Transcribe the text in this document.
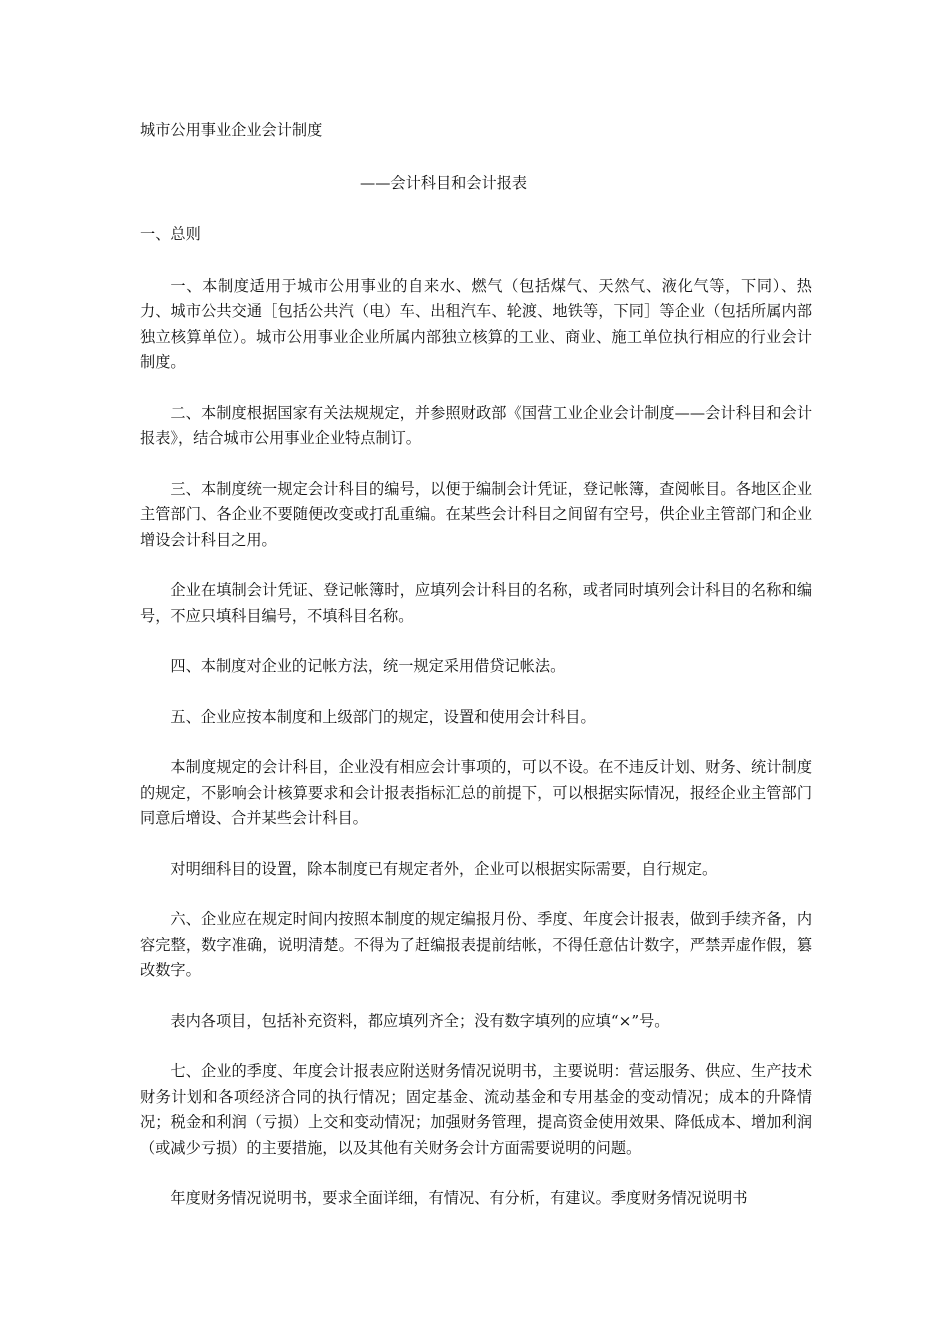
城市公用事业企业会计制度

——会计科目和会计报表

一、总则

一、本制度适用于城市公用事业的自来水、燃气（包括煤气、天然气、液化气等，下同）、热力、城市公共交通［包括公共汽（电）车、出租汽车、轮渡、地铁等，下同］等企业（包括所属内部独立核算单位）。城市公用事业企业所属内部独立核算的工业、商业、施工单位执行相应的行业会计制度。

二、本制度根据国家有关法规规定，并参照财政部《国营工业企业会计制度——会计科目和会计报表》，结合城市公用事业企业特点制订。

三、本制度统一规定会计科目的编号，以便于编制会计凭证，登记帐簿，查阅帐目。各地区企业主管部门、各企业不要随便改变或打乱重编。在某些会计科目之间留有空号，供企业主管部门和企业增设会计科目之用。

企业在填制会计凭证、登记帐簿时，应填列会计科目的名称，或者同时填列会计科目的名称和编号，不应只填科目编号，不填科目名称。

四、本制度对企业的记帐方法，统一规定采用借贷记帐法。

五、企业应按本制度和上级部门的规定，设置和使用会计科目。

本制度规定的会计科目，企业没有相应会计事项的，可以不设。在不违反计划、财务、统计制度的规定，不影响会计核算要求和会计报表指标汇总的前提下，可以根据实际情况，报经企业主管部门同意后增设、合并某些会计科目。

对明细科目的设置，除本制度已有规定者外，企业可以根据实际需要，自行规定。

六、企业应在规定时间内按照本制度的规定编报月份、季度、年度会计报表，做到手续齐备，内容完整，数字准确，说明清楚。不得为了赶编报表提前结帐，不得任意估计数字，严禁弄虚作假，篡改数字。

表内各项目，包括补充资料，都应填列齐全；没有数字填列的应填“×”号。

七、企业的季度、年度会计报表应附送财务情况说明书，主要说明：营运服务、供应、生产技术财务计划和各项经济合同的执行情况；固定基金、流动基金和专用基金的变动情况；成本的升降情况；税金和利润（亏损）上交和变动情况；加强财务管理，提高资金使用效果、降低成本、增加利润（或减少亏损）的主要措施，以及其他有关财务会计方面需要说明的问题。

年度财务情况说明书，要求全面详细，有情况、有分析，有建议。季度财务情况说明书
